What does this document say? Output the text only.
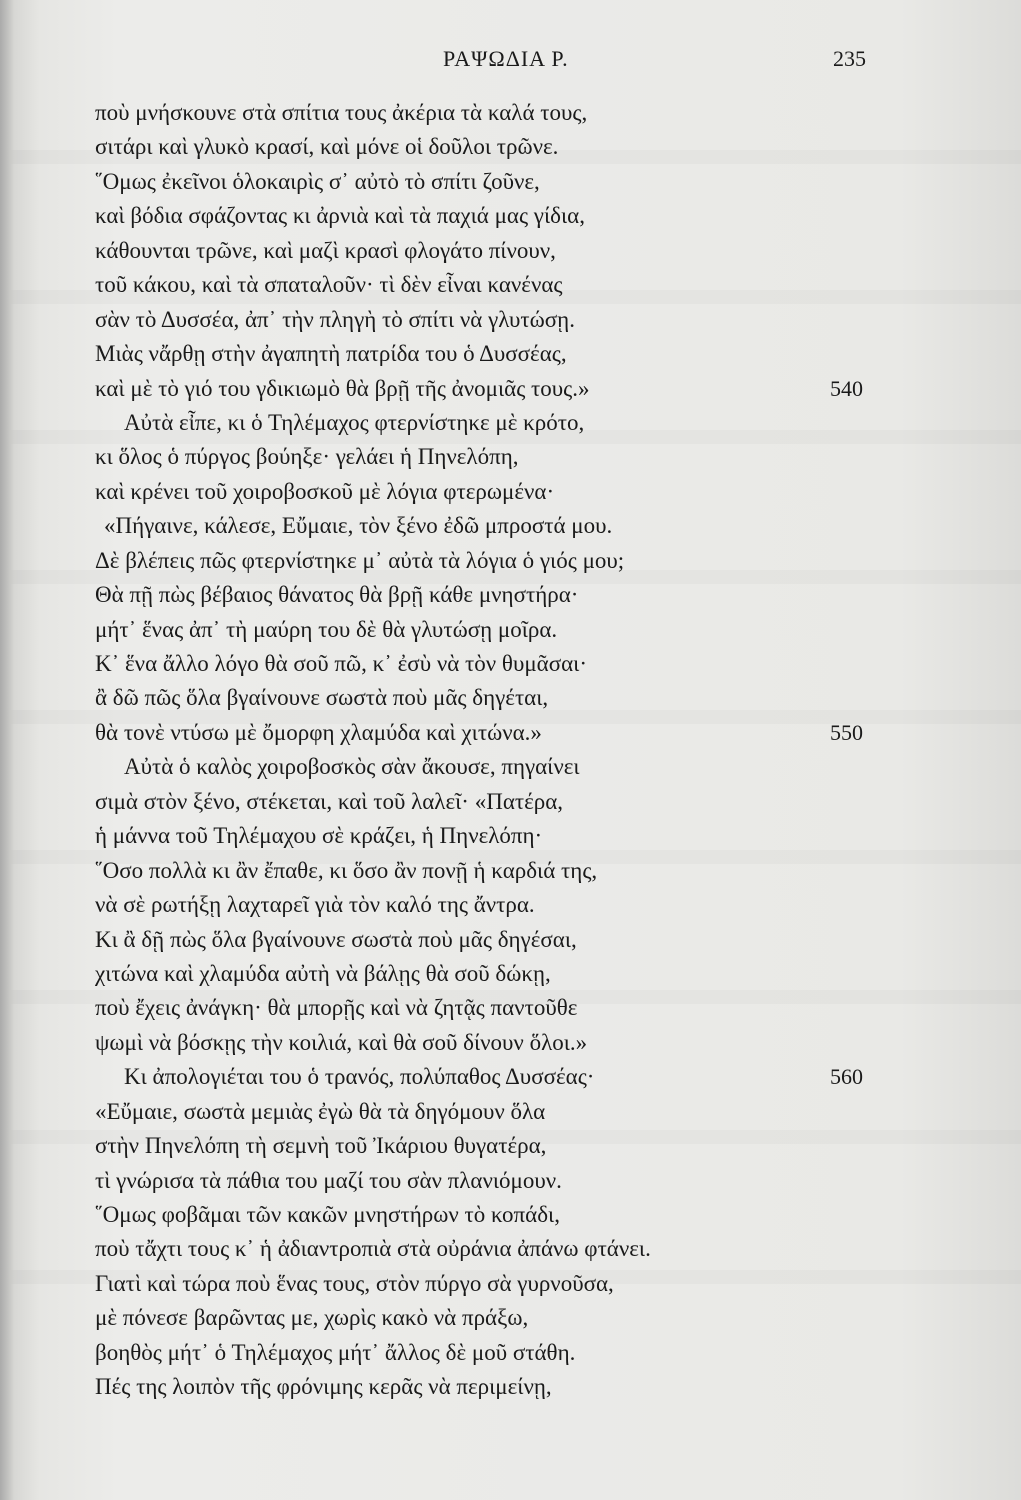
ΡΑΨΩΔΙΑ Ρ.	235
ποὺ μνήσκουνε στὰ σπίτια τους ἀκέρια τὰ καλά τους,
σιτάρι καὶ γλυκὸ κρασί, καὶ μόνε οἱ δοῦλοι τρῶνε.
῞Ομως ἐκεῖνοι ὁλοκαιρὶς σ᾽ αὐτὸ τὸ σπίτι ζοῦνε,
καὶ βόδια σφάζοντας κι ἀρνιὰ καὶ τὰ παχιά μας γίδια,
κάθουνται τρῶνε, καὶ μαζὶ κρασὶ φλογάτο πίνουν,
τοῦ κάκου, καὶ τὰ σπαταλοῦν· τὶ δὲν εἶναι κανένας
σὰν τὸ Δυσσέα, ἀπ᾽ τὴν πληγὴ τὸ σπίτι νὰ γλυτώσῃ.
Μιὰς νἄρθῃ στὴν ἀγαπητὴ πατρίδα του ὁ Δυσσέας,
καὶ μὲ τὸ γιό του γδικιωμὸ θὰ βρῇ τῆς ἀνομιᾶς τους.»	540
Αὐτὰ εἶπε, κι ὁ Τηλέμαχος φτερνίστηκε μὲ κρότο,
κι ὅλος ὁ πύργος βούηξε· γελάει ἡ Πηνελόπη,
καὶ κρένει τοῦ χοιροβοσκοῦ μὲ λόγια φτερωμένα·
«Πήγαινε, κάλεσε, Εὔμαιε, τὸν ξένο ἐδῶ μπροστά μου.
Δὲ βλέπεις πῶς φτερνίστηκε μ᾽ αὐτὰ τὰ λόγια ὁ γιός μου;
Θὰ πῇ πὼς βέβαιος θάνατος θὰ βρῇ κάθε μνηστήρα·
μήτ᾽ ἕνας ἀπ᾽ τὴ μαύρη του δὲ θὰ γλυτώσῃ μοῖρα.
Κ᾽ ἕνα ἄλλο λόγο θὰ σοῦ πῶ, κ᾽ ἐσὺ νὰ τὸν θυμᾶσαι·
ἂ δῶ πῶς ὅλα βγαίνουνε σωστὰ ποὺ μᾶς δηγέται,
θὰ τονὲ ντύσω μὲ ὄμορφη χλαμύδα καὶ χιτώνα.»	550
Αὐτὰ ὁ καλὸς χοιροβοσκὸς σὰν ἄκουσε, πηγαίνει
σιμὰ στὸν ξένο, στέκεται, καὶ τοῦ λαλεῖ· «Πατέρα,
ἡ μάννα τοῦ Τηλέμαχου σὲ κράζει, ἡ Πηνελόπη·
῞Οσο πολλὰ κι ἂν ἔπαθε, κι ὅσο ἂν πονῇ ἡ καρδιά της,
νὰ σὲ ρωτήξῃ λαχταρεῖ γιὰ τὸν καλό της ἄντρα.
Κι ἂ δῇ πὼς ὅλα βγαίνουνε σωστὰ ποὺ μᾶς δηγέσαι,
χιτώνα καὶ χλαμύδα αὐτὴ νὰ βάλῃς θὰ σοῦ δώκῃ,
ποὺ ἔχεις ἀνάγκη· θὰ μπορῇς καὶ νὰ ζητᾷς παντοῦθε
ψωμὶ νὰ βόσκῃς τὴν κοιλιά, καὶ θὰ σοῦ δίνουν ὅλοι.»
Κι ἀπολογιέται του ὁ τρανός, πολύπαθος Δυσσέας·	560
«Εὔμαιε, σωστὰ μεμιὰς ἐγὼ θὰ τὰ δηγόμουν ὅλα
στὴν Πηνελόπη τὴ σεμνὴ τοῦ Ἰκάριου θυγατέρα,
τὶ γνώρισα τὰ πάθια του μαζί του σὰν πλανιόμουν.
῞Ομως φοβᾶμαι τῶν κακῶν μνηστήρων τὸ κοπάδι,
ποὺ τἄχτι τους κ᾽ ἡ ἀδιαντροπιὰ στὰ οὐράνια ἀπάνω φτάνει.
Γιατὶ καὶ τώρα ποὺ ἕνας τους, στὸν πύργο σὰ γυρνοῦσα,
μὲ πόνεσε βαρῶντας με, χωρὶς κακὸ νὰ πράξω,
βοηθὸς μήτ᾽ ὁ Τηλέμαχος μήτ᾽ ἄλλος δὲ μοῦ στάθη.
Πές της λοιπὸν τῆς φρόνιμης κερᾶς νὰ περιμείνῃ,
